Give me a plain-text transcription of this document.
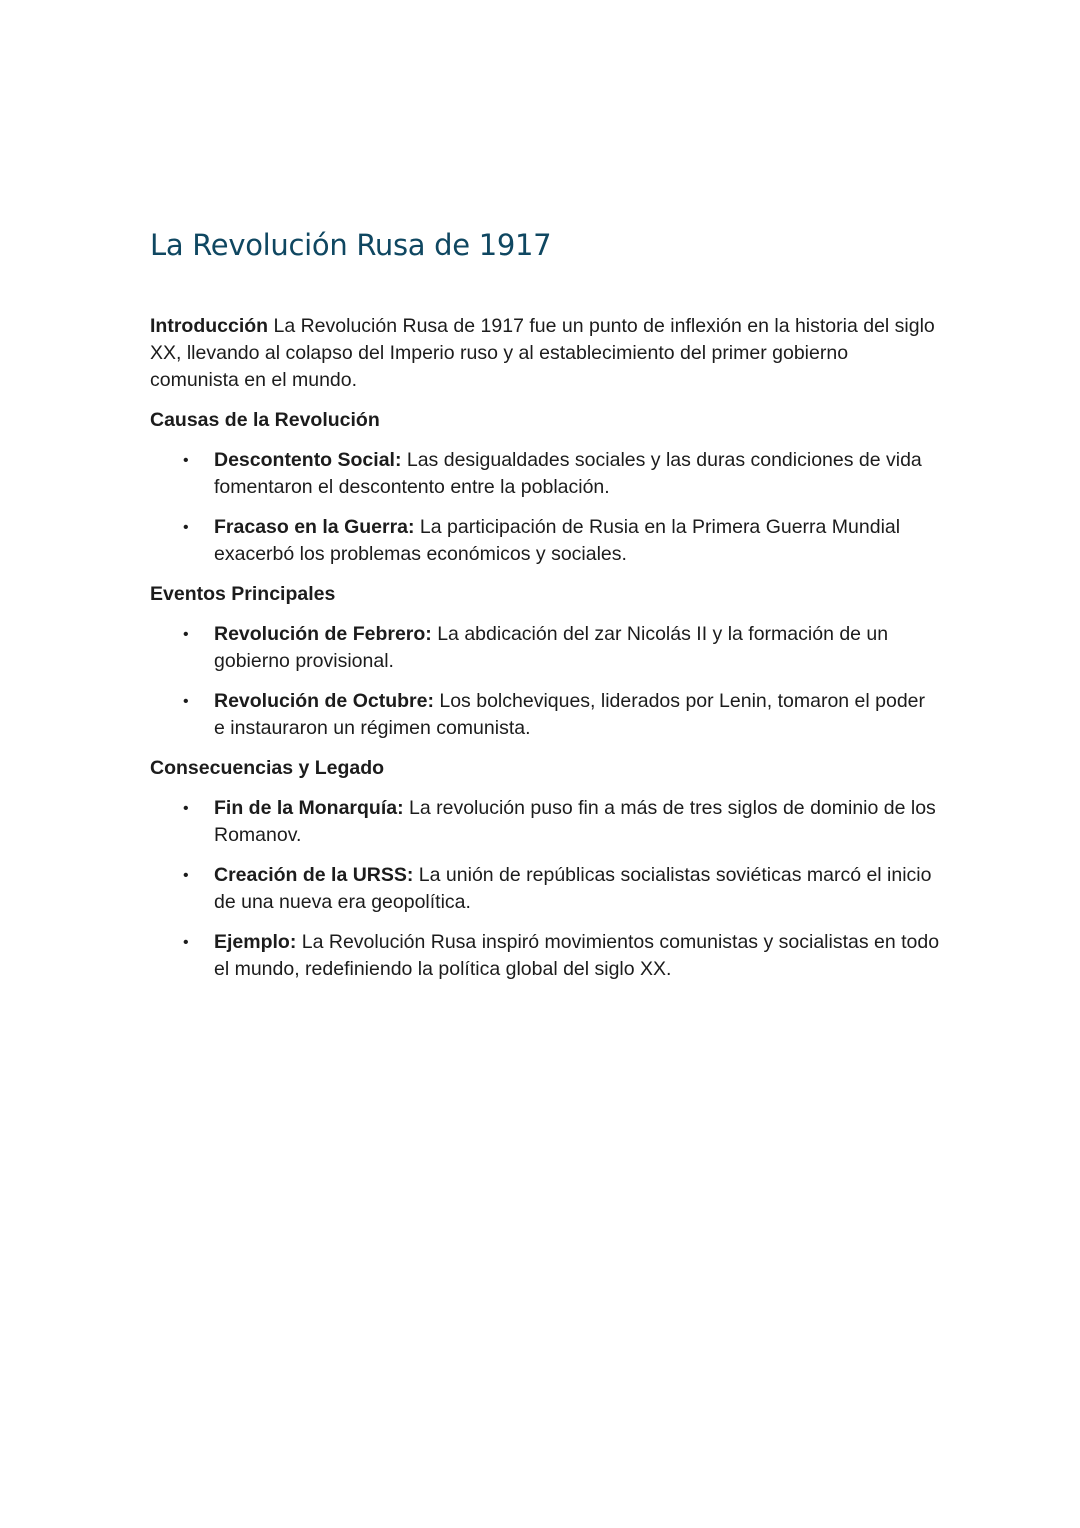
La Revolución Rusa de 1917

Introducción La Revolución Rusa de 1917 fue un punto de inflexión en la historia del siglo XX, llevando al colapso del Imperio ruso y al establecimiento del primer gobierno comunista en el mundo.

Causas de la Revolución
• Descontento Social: Las desigualdades sociales y las duras condiciones de vida fomentaron el descontento entre la población.
• Fracaso en la Guerra: La participación de Rusia en la Primera Guerra Mundial exacerbó los problemas económicos y sociales.
Eventos Principales
• Revolución de Febrero: La abdicación del zar Nicolás II y la formación de un gobierno provisional.
• Revolución de Octubre: Los bolcheviques, liderados por Lenin, tomaron el poder e instauraron un régimen comunista.
Consecuencias y Legado
• Fin de la Monarquía: La revolución puso fin a más de tres siglos de dominio de los Romanov.
• Creación de la URSS: La unión de repúblicas socialistas soviéticas marcó el inicio de una nueva era geopolítica.
• Ejemplo: La Revolución Rusa inspiró movimientos comunistas y socialistas en todo el mundo, redefiniendo la política global del siglo XX.
